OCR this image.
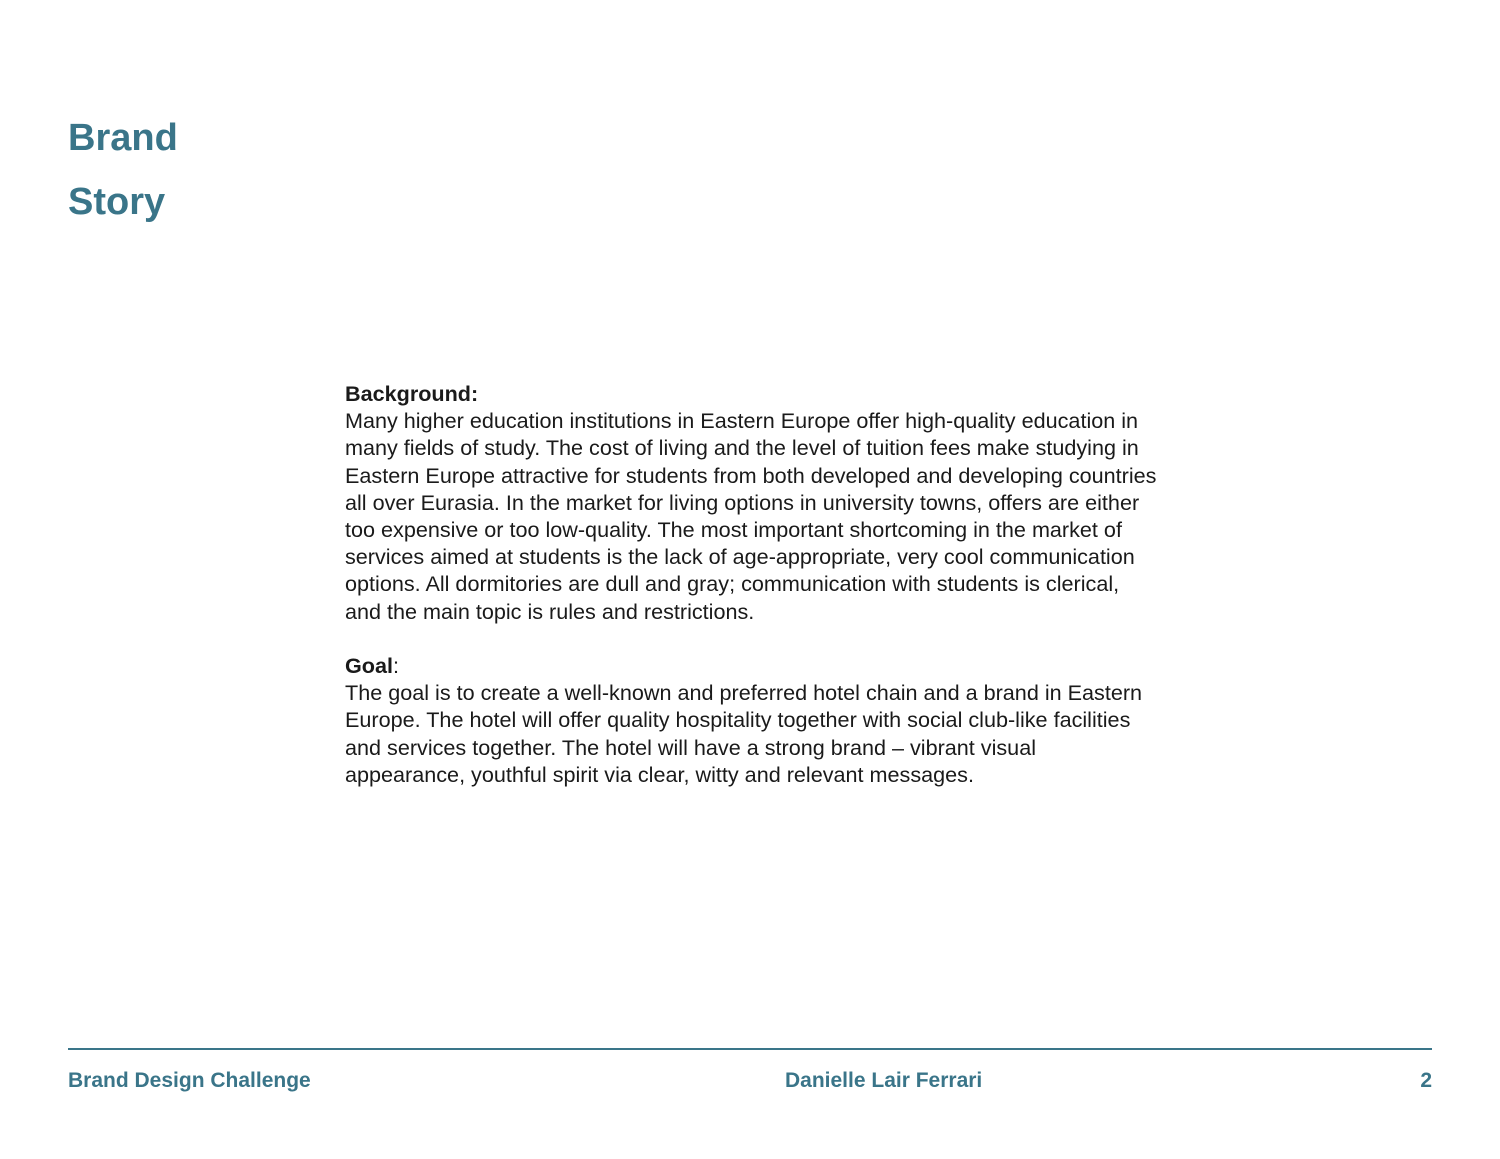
Brand
Story

Background:

Many higher education institutions in Eastern Europe offer high-quality education in many fields of study. The cost of living and the level of tuition fees make studying in Eastern Europe attractive for students from both developed and developing countries all over Eurasia. In the market for living options in university towns, offers are either too expensive or too low-quality. The most important shortcoming in the market of services aimed at students is the lack of age-appropriate, very cool communication options. All dormitories are dull and gray; communication with students is clerical, and the main topic is rules and restrictions.

Goal:

The goal is to create a well-known and preferred hotel chain and a brand in Eastern Europe. The hotel will offer quality hospitality together with social club-like facilities and services together. The hotel will have a strong brand – vibrant visual appearance, youthful spirit via clear, witty and relevant messages.

Brand Design Challenge	Danielle Lair Ferrari	2
